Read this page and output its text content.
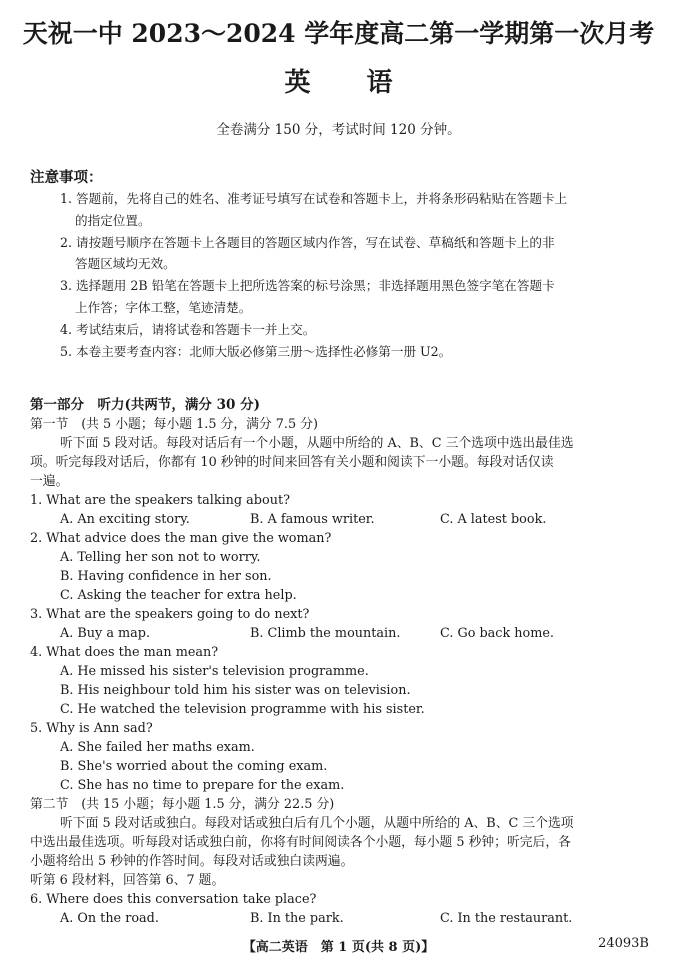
天祝一中 2023～2024 学年度高二第一学期第一次月考
英 语
全卷满分 150 分，考试时间 120 分钟。
注意事项：
1. 答题前，先将自己的姓名、准考证号填写在试卷和答题卡上，并将条形码粘贴在答题卡上
的指定位置。
2. 请按题号顺序在答题卡上各题目的答题区域内作答，写在试卷、草稿纸和答题卡上的非
答题区域均无效。
3. 选择题用 2B 铅笔在答题卡上把所选答案的标号涂黑；非选择题用黑色签字笔在答题卡
上作答；字体工整，笔迹清楚。
4. 考试结束后，请将试卷和答题卡一并上交。
5. 本卷主要考查内容：北师大版必修第三册～选择性必修第一册 U2。
第一部分　听力(共两节，满分 30 分)
第一节　(共 5 小题；每小题 1.5 分，满分 7.5 分)
听下面 5 段对话。每段对话后有一个小题，从题中所给的 A、B、C 三个选项中选出最佳选
项。听完每段对话后，你都有 10 秒钟的时间来回答有关小题和阅读下一小题。每段对话仅读
一遍。
1. What are the speakers talking about?
A. An exciting story.	B. A famous writer.	C. A latest book.
2. What advice does the man give the woman?
A. Telling her son not to worry.
B. Having confidence in her son.
C. Asking the teacher for extra help.
3. What are the speakers going to do next?
A. Buy a map.	B. Climb the mountain.	C. Go back home.
4. What does the man mean?
A. He missed his sister's television programme.
B. His neighbour told him his sister was on television.
C. He watched the television programme with his sister.
5. Why is Ann sad?
A. She failed her maths exam.
B. She's worried about the coming exam.
C. She has no time to prepare for the exam.
第二节　(共 15 小题；每小题 1.5 分，满分 22.5 分)
听下面 5 段对话或独白。每段对话或独白后有几个小题，从题中所给的 A、B、C 三个选项
中选出最佳选项。听每段对话或独白前，你将有时间阅读各个小题，每小题 5 秒钟；听完后，各
小题将给出 5 秒钟的作答时间。每段对话或独白读两遍。
听第 6 段材料，回答第 6、7 题。
6. Where does this conversation take place?
A. On the road.	B. In the park.	C. In the restaurant.
【高二英语　第 1 页(共 8 页)】	24093B
